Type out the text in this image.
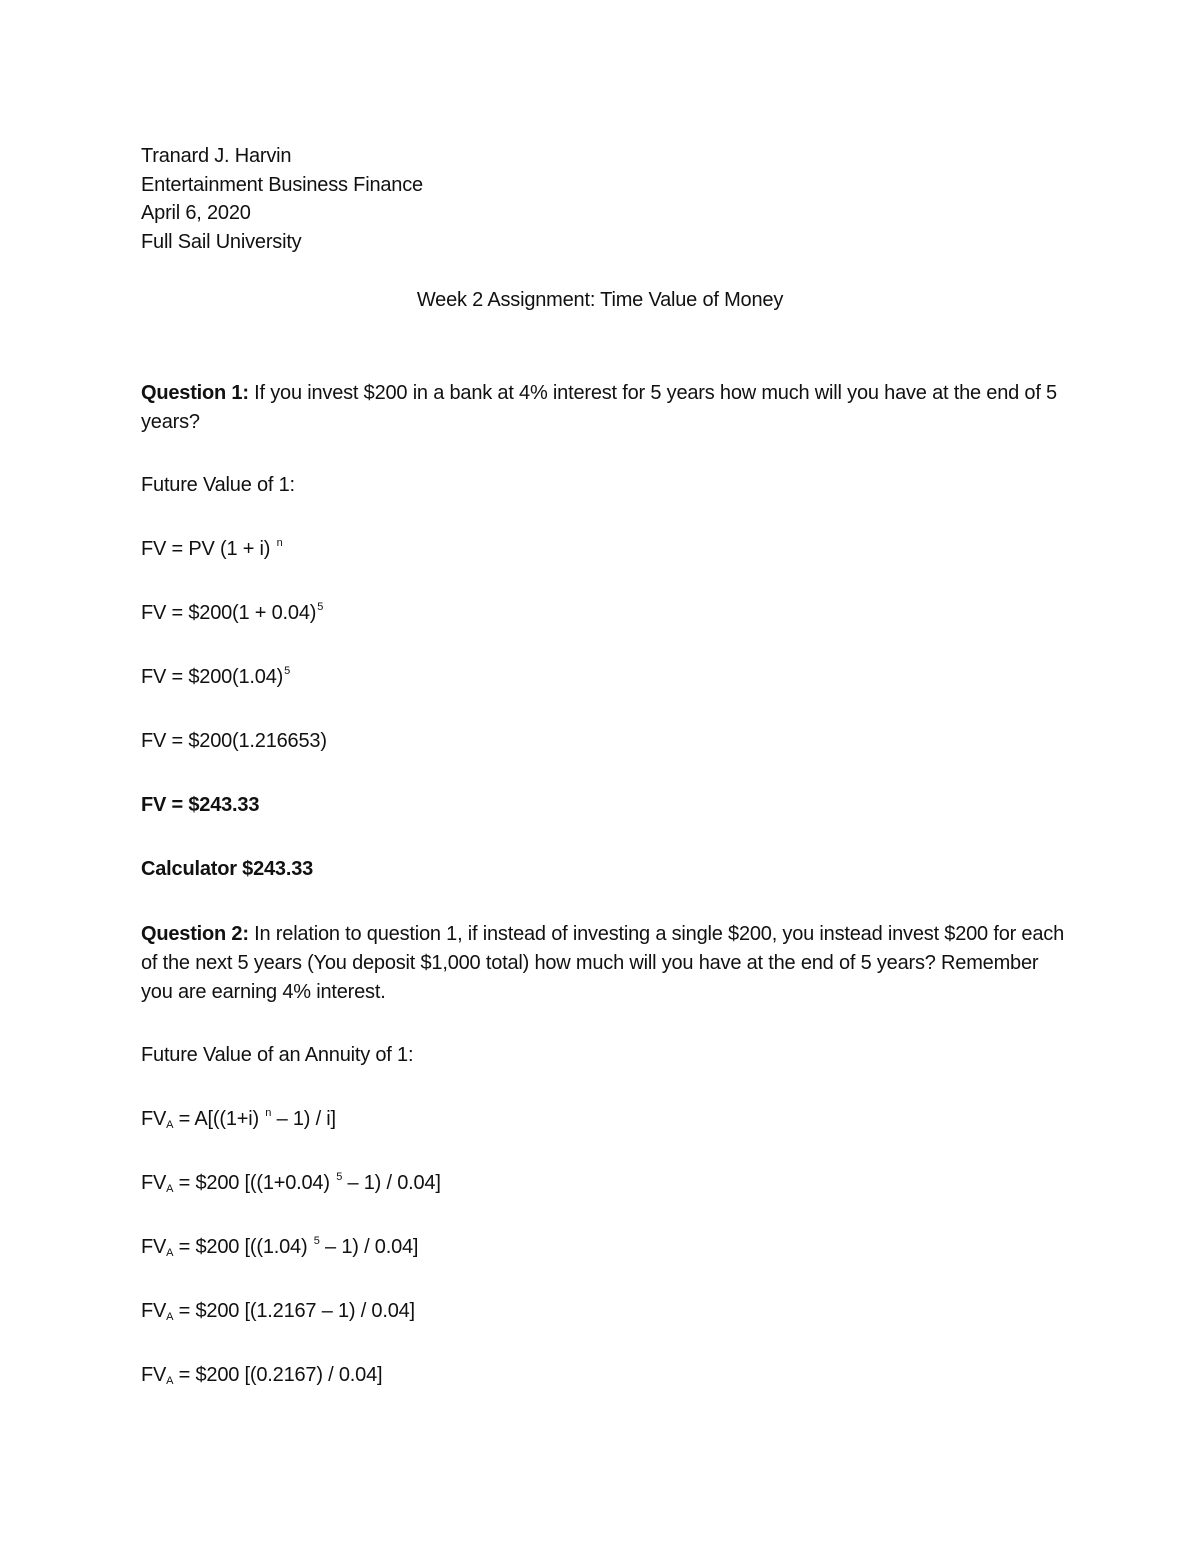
Tranard J. Harvin
Entertainment Business Finance
April 6, 2020
Full Sail University
Week 2 Assignment: Time Value of Money
Question 1: If you invest $200 in a bank at 4% interest for 5 years how much will you have at the end of 5 years?
Future Value of 1:
FV = PV (1 + i) $^n$
FV = $200(1 + 0.04)$^5$
FV = $\$200(1.04)^5$
FV = $200(1.216653)
FV = $243.33
Calculator $243.33
Question 2: In relation to question 1, if instead of investing a single $200, you instead invest $200 for each of the next 5 years (You deposit $1,000 total) how much will you have at the end of 5 years? Remember you are earning 4% interest.
Future Value of an Annuity of 1:
$FV_A = A[((1+i)$ $^n$ – 1) / i]
$FV_A$ = $200 [((1+0.04) $^5$ – 1) / 0.04]
$FV_A$ = $200 [((1.04) $^5$ – 1) / 0.04]
$FV_A$ = $200 [(1.2167 – 1) / 0.04]
$FV_A$ = $200 [(0.2167) / 0.04]
